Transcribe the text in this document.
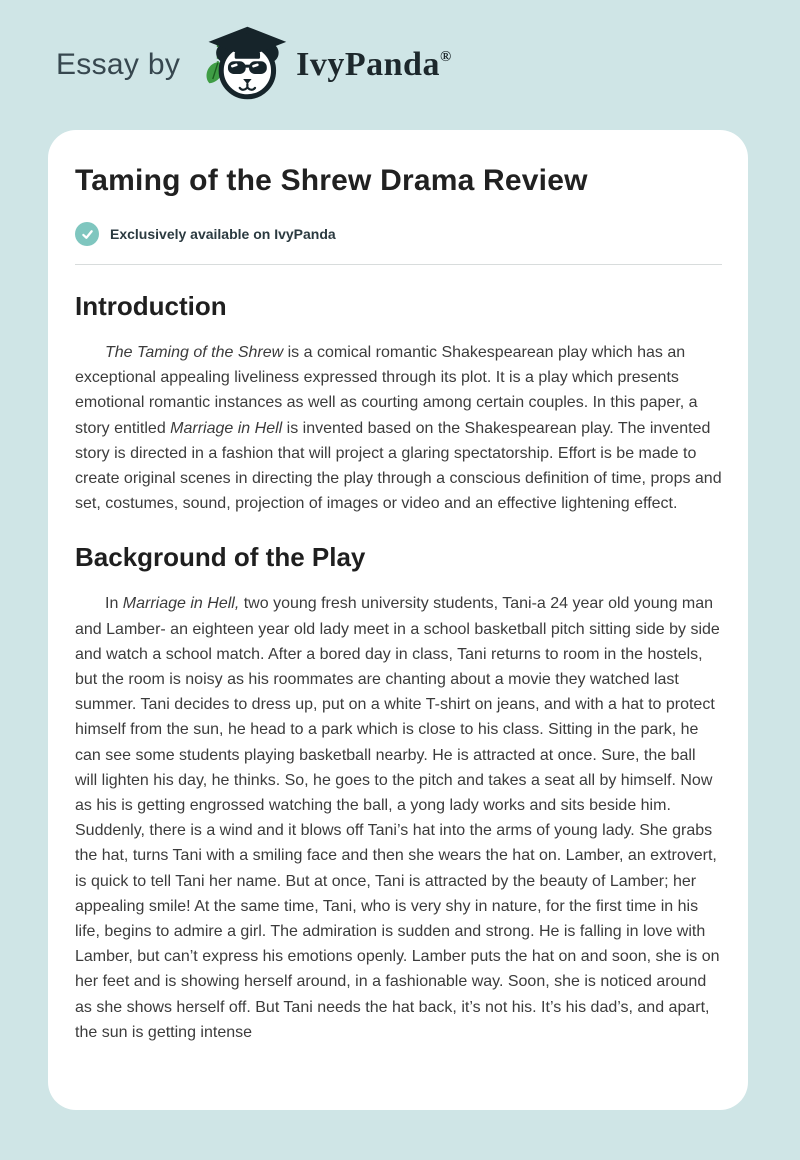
Essay by	IvyPanda®
Taming of the Shrew Drama Review
Exclusively available on IvyPanda
Introduction

The Taming of the Shrew is a comical romantic Shakespearean play which has an exceptional appealing liveliness expressed through its plot. It is a play which presents emotional romantic instances as well as courting among certain couples. In this paper, a story entitled Marriage in Hell is invented based on the Shakespearean play. The invented story is directed in a fashion that will project a glaring spectatorship. Effort is be made to create original scenes in directing the play through a conscious definition of time, props and set, costumes, sound, projection of images or video and an effective lightening effect.

Background of the Play

In Marriage in Hell, two young fresh university students, Tani-a 24 year old young man and Lamber- an eighteen year old lady meet in a school basketball pitch sitting side by side and watch a school match. After a bored day in class, Tani returns to room in the hostels, but the room is noisy as his roommates are chanting about a movie they watched last summer. Tani decides to dress up, put on a white T-shirt on jeans, and with a hat to protect himself from the sun, he head to a park which is close to his class. Sitting in the park, he can see some students playing basketball nearby. He is attracted at once. Sure, the ball will lighten his day, he thinks. So, he goes to the pitch and takes a seat all by himself. Now as his is getting engrossed watching the ball, a yong lady works and sits beside him. Suddenly, there is a wind and it blows off Tani’s hat into the arms of young lady. She grabs the hat, turns Tani with a smiling face and then she wears the hat on. Lamber, an extrovert, is quick to tell Tani her name. But at once, Tani is attracted by the beauty of Lamber; her appealing smile! At the same time, Tani, who is very shy in nature, for the first time in his life, begins to admire a girl. The admiration is sudden and strong. He is falling in love with Lamber, but can’t express his emotions openly. Lamber puts the hat on and soon, she is on her feet and is showing herself around, in a fashionable way. Soon, she is noticed around as she shows herself off. But Tani needs the hat back, it’s not his. It’s his dad’s, and apart, the sun is getting intense
